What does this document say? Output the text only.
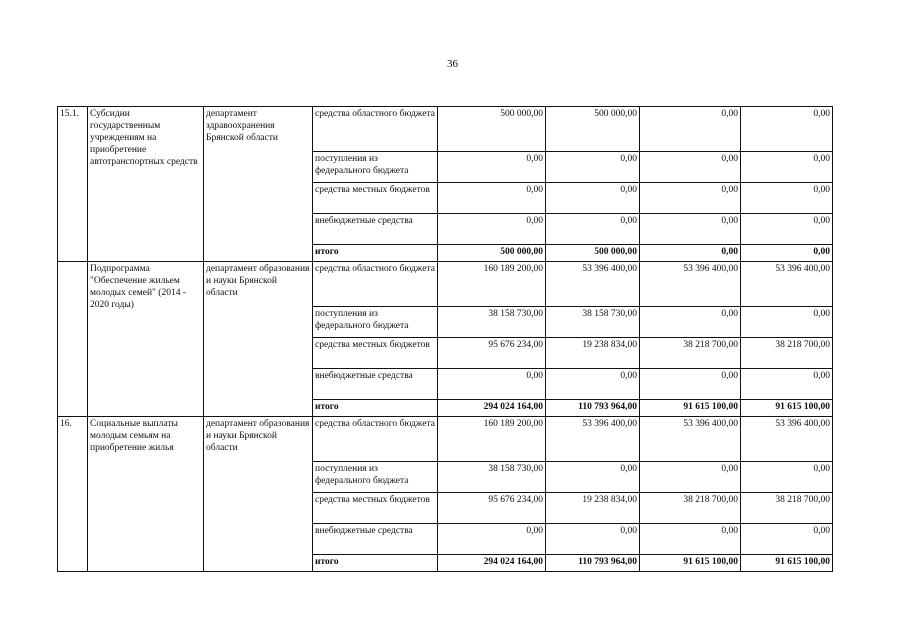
36
15.1.	Субсидии государственным учреждениям на приобретение автотранспортных средств	департамент здравоохранения Брянской области	средства областного бюджета	500 000,00	500 000,00	0,00	0,00
			поступления из федерального бюджета	0,00	0,00	0,00	0,00
			средства местных бюджетов	0,00	0,00	0,00	0,00
			внебюджетные средства	0,00	0,00	0,00	0,00
			итого	500 000,00	500 000,00	0,00	0,00
	Подпрограмма "Обеспечение жильем молодых семей" (2014 - 2020 годы)	департамент образования и науки Брянской области	средства областного бюджета	160 189 200,00	53 396 400,00	53 396 400,00	53 396 400,00
			поступления из федерального бюджета	38 158 730,00	38 158 730,00	0,00	0,00
			средства местных бюджетов	95 676 234,00	19 238 834,00	38 218 700,00	38 218 700,00
			внебюджетные средства	0,00	0,00	0,00	0,00
			итого	294 024 164,00	110 793 964,00	91 615 100,00	91 615 100,00
16.	Социальные выплаты молодым семьям на приобретение жилья	департамент образования и науки Брянской области	средства областного бюджета	160 189 200,00	53 396 400,00	53 396 400,00	53 396 400,00
			поступления из федерального бюджета	38 158 730,00	0,00	0,00	0,00
			средства местных бюджетов	95 676 234,00	19 238 834,00	38 218 700,00	38 218 700,00
			внебюджетные средства	0,00	0,00	0,00	0,00
			итого	294 024 164,00	110 793 964,00	91 615 100,00	91 615 100,00
